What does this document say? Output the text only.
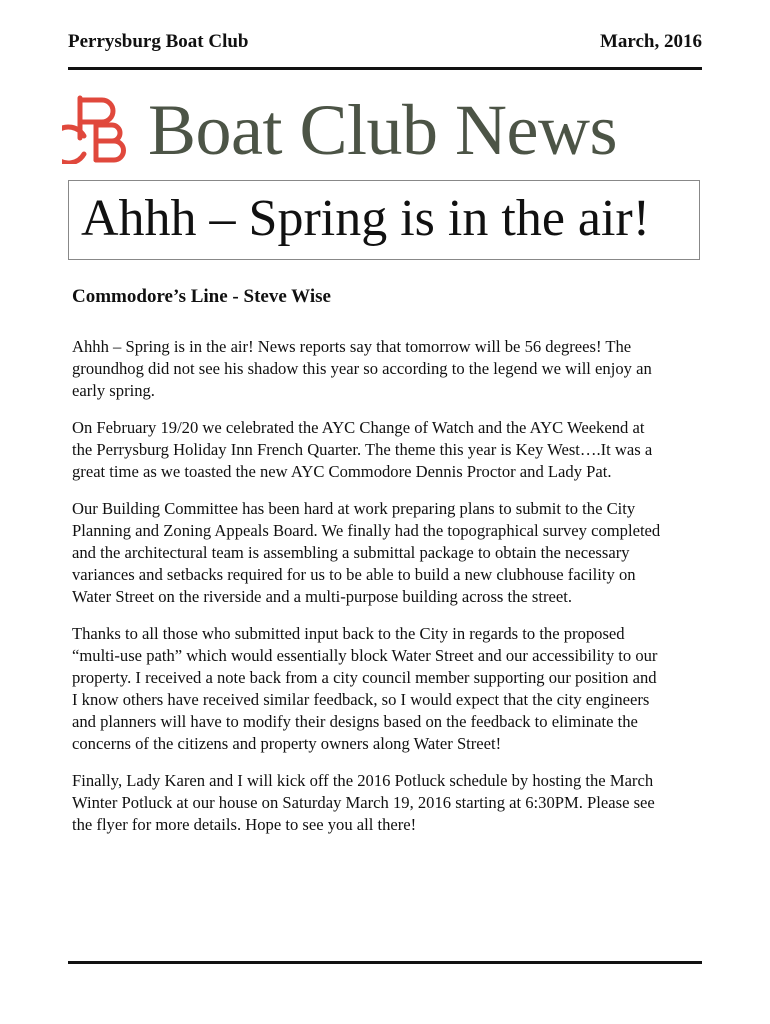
Perrysburg Boat Club	March, 2016
Boat Club News
Ahhh – Spring is in the air!
Commodore’s Line - Steve Wise

Ahhh – Spring is in the air! News reports say that tomorrow will be 56 degrees! The groundhog did not see his shadow this year so according to the legend we will enjoy an early spring.

On February 19/20 we celebrated the AYC Change of Watch and the AYC Weekend at the Perrysburg Holiday Inn French Quarter. The theme this year is Key West….It was a great time as we toasted the new AYC Commodore Dennis Proctor and Lady Pat.

Our Building Committee has been hard at work preparing plans to submit to the City Planning and Zoning Appeals Board. We finally had the topographical survey completed and the architectural team is assembling a submittal package to obtain the necessary variances and setbacks required for us to be able to build a new clubhouse facility on Water Street on the riverside and a multi-purpose building across the street.

Thanks to all those who submitted input back to the City in regards to the proposed “multi-use path” which would essentially block Water Street and our accessibility to our property. I received a note back from a city council member supporting our position and I know others have received similar feedback, so I would expect that the city engineers and planners will have to modify their designs based on the feedback to eliminate the concerns of the citizens and property owners along Water Street!

Finally, Lady Karen and I will kick off the 2016 Potluck schedule by hosting the March Winter Potluck at our house on Saturday March 19, 2016 starting at 6:30PM. Please see the flyer for more details. Hope to see you all there!
